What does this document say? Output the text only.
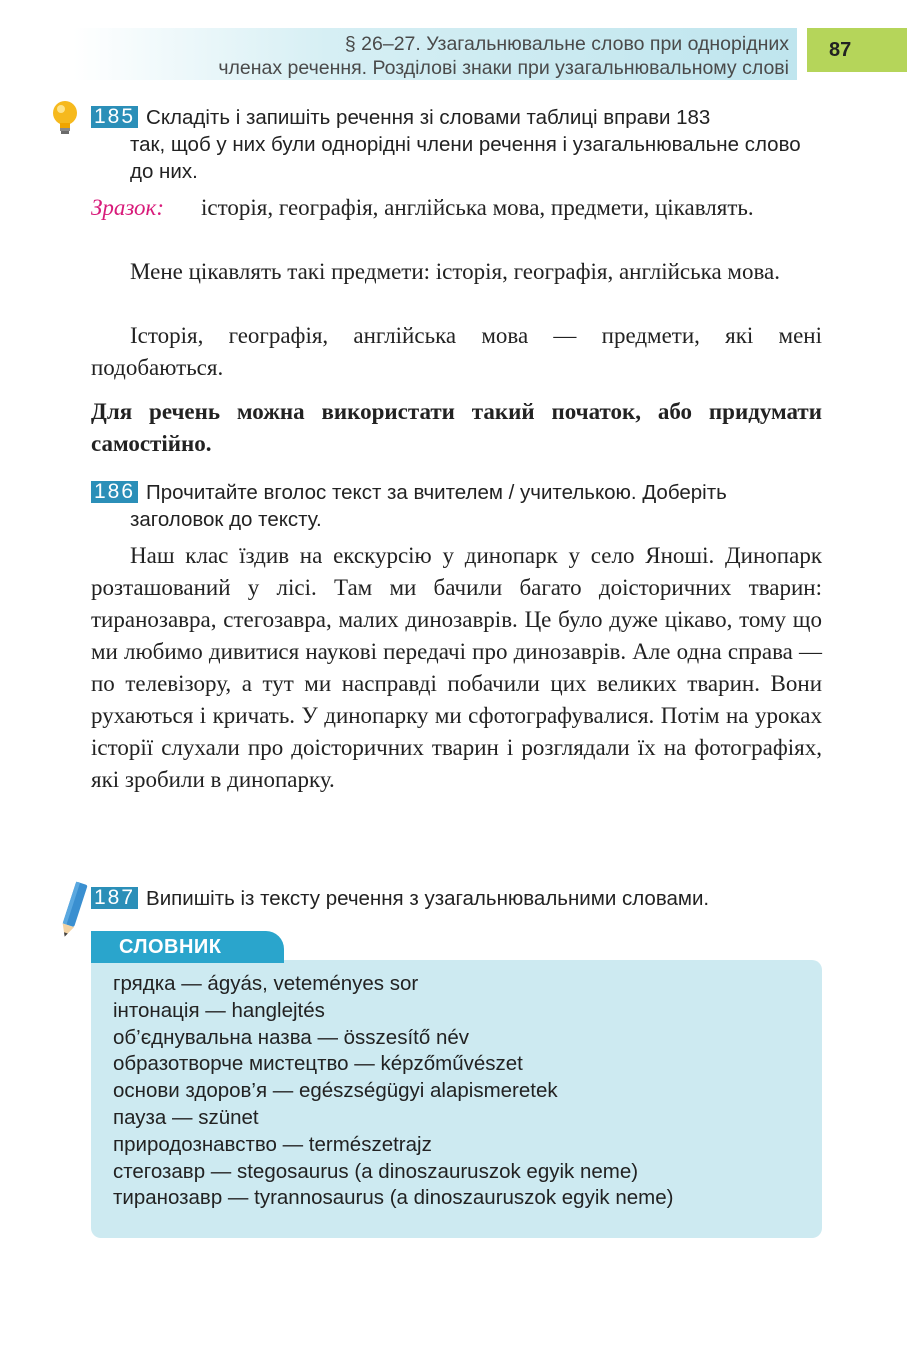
§ 26–27. Узагальнювальне слово при однорідних
членах речення. Розділові знаки при узагальнювальному слові
87
185 Складіть і запишіть речення зі словами таблиці вправи 183
так, щоб у них були однорідні члени речення і узагальнювальне слово до них.
Зразок:	історія, географія, англійська мова, предмети, цікавлять.
Мене цікавлять такі предмети: історія, географія, англійська мова.
Історія, географія, англійська мова — предмети, які мені подобаються.
Для речень можна використати такий початок, або придумати самостійно.
186 Прочитайте вголос текст за вчителем / учителькою. Доберіть
заголовок до тексту.
Наш клас їздив на екскурсію у динопарк у село Яноші. Динопарк розташований у лісі. Там ми бачили багато доісторичних тварин: тиранозавра, стегозавра, малих динозаврів. Це було дуже цікаво, тому що ми любимо дивитися наукові передачі про динозаврів. Але одна справа — по телевізору, а тут ми насправді побачили цих великих тварин. Вони рухаються і кричать. У динопарку ми сфотографувалися. Потім на уроках історії слухали про доісторичних тварин і розглядали їх на фотографіях, які зробили в динопарку.
187 Випишіть із тексту речення з узагальнювальними словами.
грядка — ágyás, veteményes sor
інтонація — hanglejtés
об’єднувальна назва — összesítő név
образотворче мистецтво — képzőművészet
основи здоров’я — egészségügyi alapismeretek
пауза — szünet
природознавство — természetrajz
стегозавр — stegosaurus (a dinoszauruszok egyik neme)
тиранозавр — tyrannosaurus (a dinoszauruszok egyik neme)
СЛОВНИК
